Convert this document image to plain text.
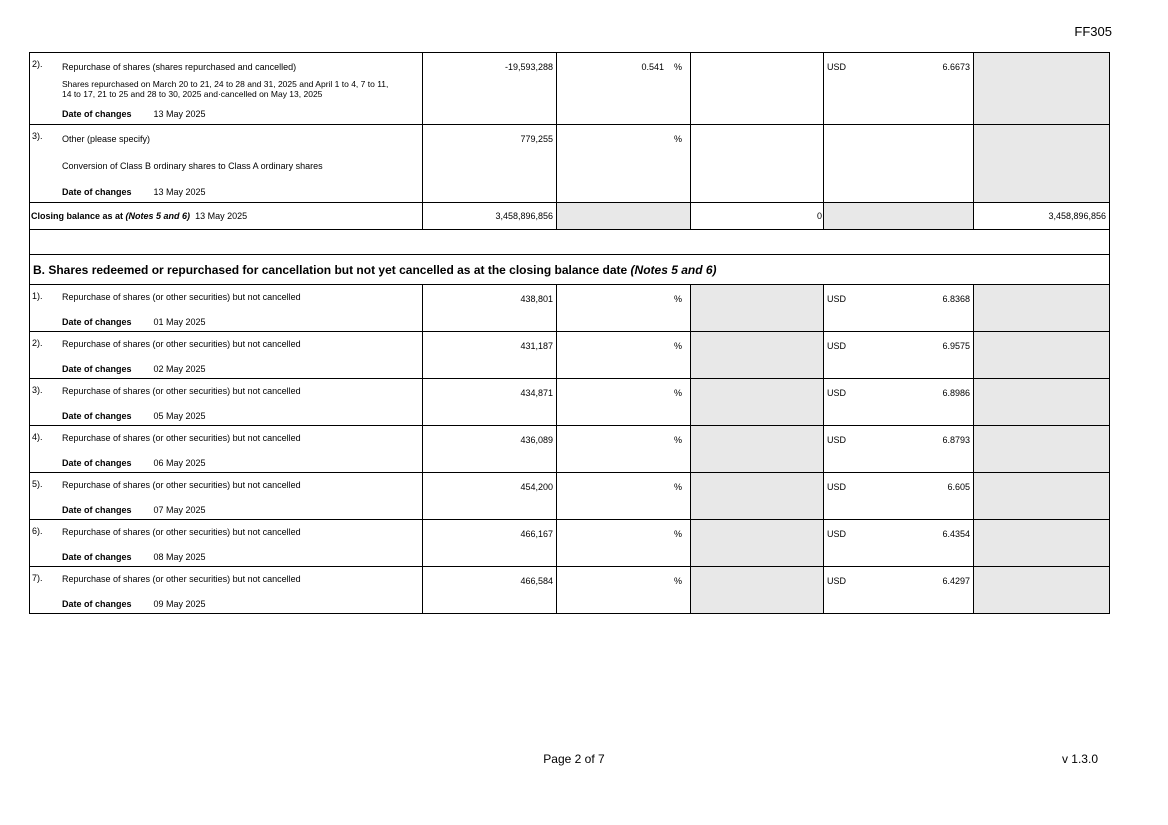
FF305
2). Repurchase of shares (shares repurchased and cancelled)
Shares repurchased on March 20 to 21, 24 to 28 and 31, 2025 and April 1 to 4, 7 to 11, 14 to 17, 21 to 25 and 28 to 30, 2025 and·cancelled on May 13, 2025
Date of changes 13 May 2025	-19,593,288	0.541 %		USD 6.6673	

3). Other (please specify)
Conversion of Class B ordinary shares to Class A ordinary shares
Date of changes 13 May 2025	779,255	%			
Closing balance as at (Notes 5 and 6) 13 May 2025	3,458,896,856		0		3,458,896,856

B. Shares redeemed or repurchased for cancellation but not yet cancelled as at the closing balance date (Notes 5 and 6)					

1). Repurchase of shares (or other securities) but not cancelled
Date of changes 01 May 2025	438,801	%		USD 6.8368	

2). Repurchase of shares (or other securities) but not cancelled
Date of changes 02 May 2025	431,187	%		USD 6.9575	

3). Repurchase of shares (or other securities) but not cancelled
Date of changes 05 May 2025	434,871	%		USD 6.8986	

4). Repurchase of shares (or other securities) but not cancelled
Date of changes 06 May 2025	436,089	%		USD 6.8793	

5). Repurchase of shares (or other securities) but not cancelled
Date of changes 07 May 2025	454,200	%		USD 6.605	

6). Repurchase of shares (or other securities) but not cancelled
Date of changes 08 May 2025	466,167	%		USD 6.4354	

7). Repurchase of shares (or other securities) but not cancelled
Date of changes 09 May 2025	466,584	%		USD 6.4297	

Page 2 of 7	v 1.3.0
